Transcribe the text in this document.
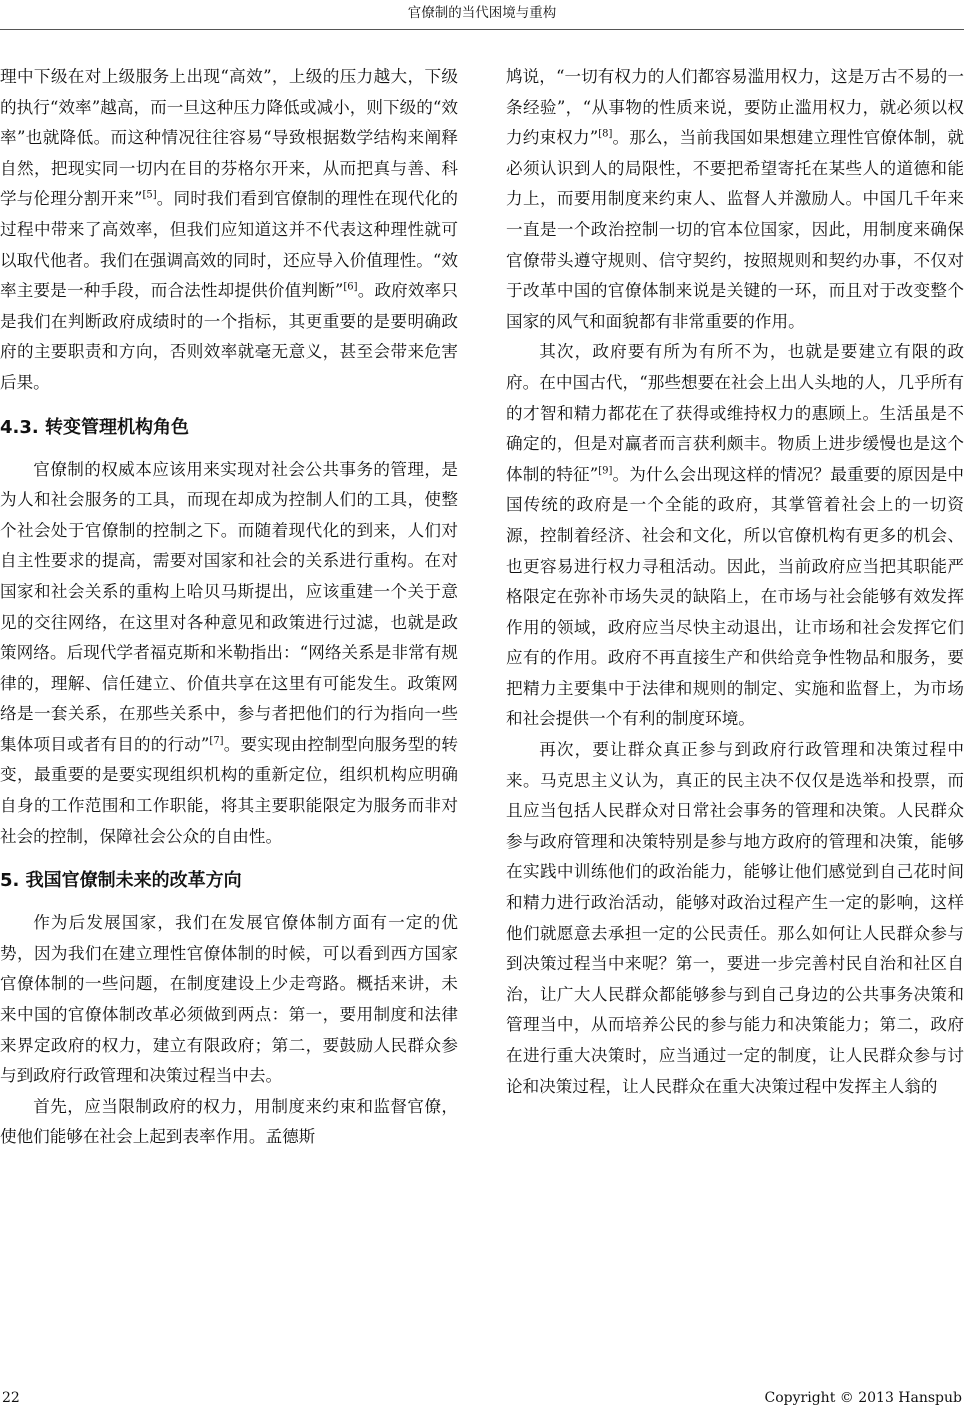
官僚制的当代困境与重构

理中下级在对上级服务上出现“高效”，上级的压力越大，下级的执行“效率”越高，而一旦这种压力降低或减小，则下级的“效率”也就降低。而这种情况往往容易“导致根据数学结构来阐释自然，把现实同一切内在目的芬格尔开来，从而把真与善、科学与伦理分割开来”[5]。同时我们看到官僚制的理性在现代化的过程中带来了高效率，但我们应知道这并不代表这种理性就可以取代他者。我们在强调高效的同时，还应导入价值理性。“效率主要是一种手段，而合法性却提供价值判断”[6]。政府效率只是我们在判断政府成绩时的一个指标，其更重要的是要明确政府的主要职责和方向，否则效率就毫无意义，甚至会带来危害后果。

4.3. 转变管理机构角色

官僚制的权威本应该用来实现对社会公共事务的管理，是为人和社会服务的工具，而现在却成为控制人们的工具，使整个社会处于官僚制的控制之下。而随着现代化的到来，人们对自主性要求的提高，需要对国家和社会的关系进行重构。在对国家和社会关系的重构上哈贝马斯提出，应该重建一个关于意见的交往网络，在这里对各种意见和政策进行过滤，也就是政策网络。后现代学者福克斯和米勒指出：“网络关系是非常有规律的，理解、信任建立、价值共享在这里有可能发生。政策网络是一套关系，在那些关系中，参与者把他们的行为指向一些集体项目或者有目的的行动”[7]。要实现由控制型向服务型的转变，最重要的是要实现组织机构的重新定位，组织机构应明确自身的工作范围和工作职能，将其主要职能限定为服务而非对社会的控制，保障社会公众的自由性。

5. 我国官僚制未来的改革方向

作为后发展国家，我们在发展官僚体制方面有一定的优势，因为我们在建立理性官僚体制的时候，可以看到西方国家官僚体制的一些问题，在制度建设上少走弯路。概括来讲，未来中国的官僚体制改革必须做到两点：第一，要用制度和法律来界定政府的权力，建立有限政府；第二，要鼓励人民群众参与到政府行政管理和决策过程当中去。

首先，应当限制政府的权力，用制度来约束和监督官僚，使他们能够在社会上起到表率作用。孟德斯

鸠说，“一切有权力的人们都容易滥用权力，这是万古不易的一条经验”，“从事物的性质来说，要防止滥用权力，就必须以权力约束权力”[8]。那么，当前我国如果想建立理性官僚体制，就必须认识到人的局限性，不要把希望寄托在某些人的道德和能力上，而要用制度来约束人、监督人并激励人。中国几千年来一直是一个政治控制一切的官本位国家，因此，用制度来确保官僚带头遵守规则、信守契约，按照规则和契约办事，不仅对于改革中国的官僚体制来说是关键的一环，而且对于改变整个国家的风气和面貌都有非常重要的作用。

其次，政府要有所为有所不为，也就是要建立有限的政府。在中国古代，“那些想要在社会上出人头地的人，几乎所有的才智和精力都花在了获得或维持权力的惠顾上。生活虽是不确定的，但是对赢者而言获利颇丰。物质上进步缓慢也是这个体制的特征”[9]。为什么会出现这样的情况？最重要的原因是中国传统的政府是一个全能的政府，其掌管着社会上的一切资源，控制着经济、社会和文化，所以官僚机构有更多的机会、也更容易进行权力寻租活动。因此，当前政府应当把其职能严格限定在弥补市场失灵的缺陷上，在市场与社会能够有效发挥作用的领域，政府应当尽快主动退出，让市场和社会发挥它们应有的作用。政府不再直接生产和供给竞争性物品和服务，要把精力主要集中于法律和规则的制定、实施和监督上，为市场和社会提供一个有利的制度环境。

再次，要让群众真正参与到政府行政管理和决策过程中来。马克思主义认为，真正的民主决不仅仅是选举和投票，而且应当包括人民群众对日常社会事务的管理和决策。人民群众参与政府管理和决策特别是参与地方政府的管理和决策，能够在实践中训练他们的政治能力，能够让他们感觉到自己花时间和精力进行政治活动，能够对政治过程产生一定的影响，这样他们就愿意去承担一定的公民责任。那么如何让人民群众参与到决策过程当中来呢？第一，要进一步完善村民自治和社区自治，让广大人民群众都能够参与到自己身边的公共事务决策和管理当中，从而培养公民的参与能力和决策能力；第二，政府在进行重大决策时，应当通过一定的制度，让人民群众参与讨论和决策过程，让人民群众在重大决策过程中发挥主人翁的

22	Copyright © 2013 Hanspub
